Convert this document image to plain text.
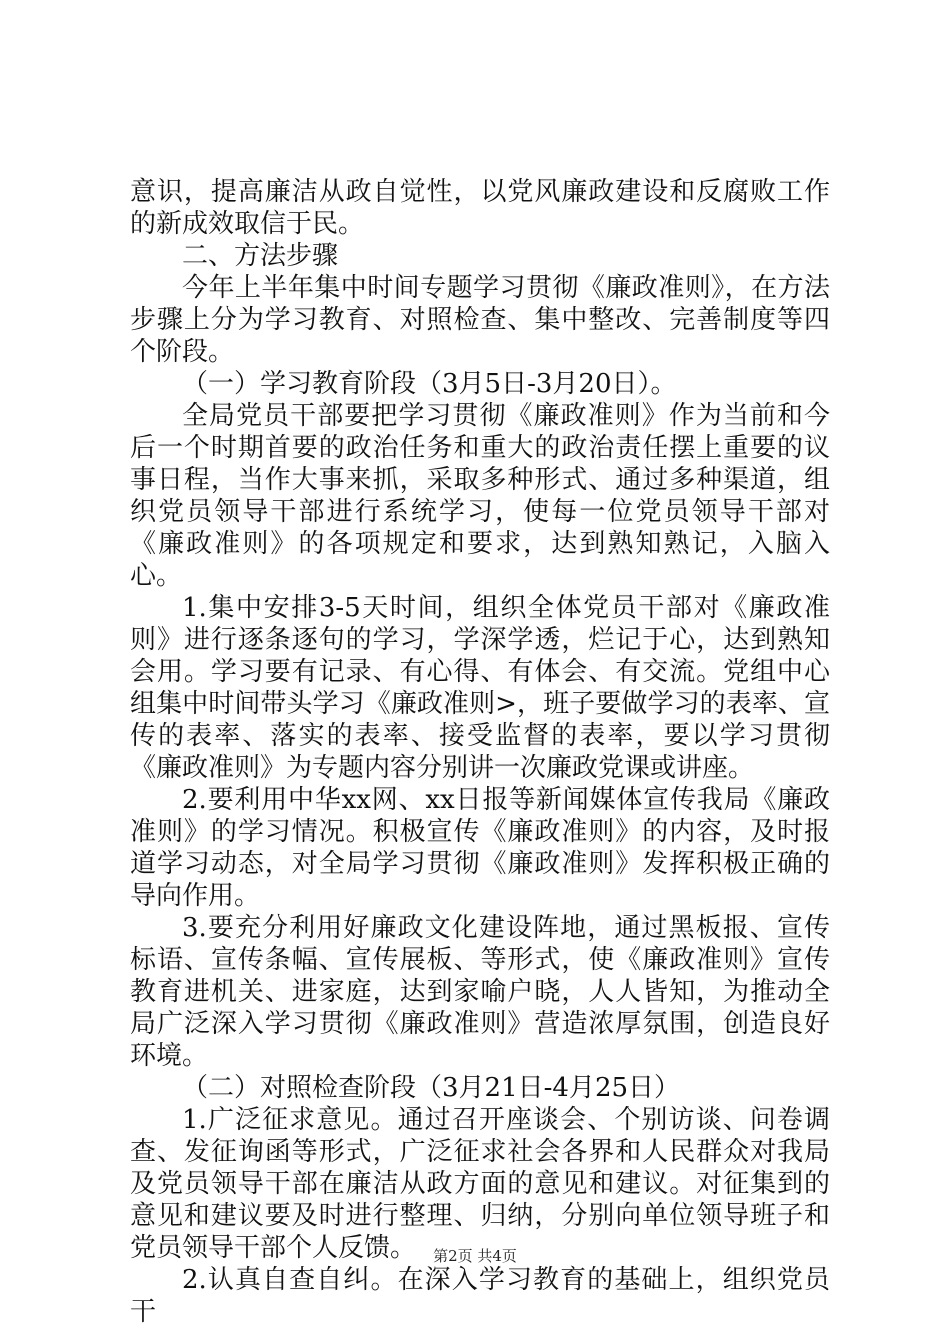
意识，提高廉洁从政自觉性，以党风廉政建设和反腐败工作的新成效取信于民。

二、方法步骤

今年上半年集中时间专题学习贯彻《廉政准则》，在方法步骤上分为学习教育、对照检查、集中整改、完善制度等四个阶段。

（一）学习教育阶段（3月5日-3月20日）。

全局党员干部要把学习贯彻《廉政准则》作为当前和今后一个时期首要的政治任务和重大的政治责任摆上重要的议事日程，当作大事来抓，采取多种形式、通过多种渠道，组织党员领导干部进行系统学习，使每一位党员领导干部对《廉政准则》的各项规定和要求，达到熟知熟记，入脑入心。

1.集中安排3-5天时间，组织全体党员干部对《廉政准则》进行逐条逐句的学习，学深学透，烂记于心，达到熟知会用。学习要有记录、有心得、有体会、有交流。党组中心组集中时间带头学习《廉政准则>，班子要做学习的表率、宣传的表率、落实的表率、接受监督的表率，要以学习贯彻《廉政准则》为专题内容分别讲一次廉政党课或讲座。

2.要利用中华xx网、xx日报等新闻媒体宣传我局《廉政准则》的学习情况。积极宣传《廉政准则》的内容，及时报道学习动态，对全局学习贯彻《廉政准则》发挥积极正确的导向作用。

3.要充分利用好廉政文化建设阵地，通过黑板报、宣传标语、宣传条幅、宣传展板、等形式，使《廉政准则》宣传教育进机关、进家庭，达到家喻户晓，人人皆知，为推动全局广泛深入学习贯彻《廉政准则》营造浓厚氛围，创造良好环境。

（二）对照检查阶段（3月21日-4月25日）

1.广泛征求意见。通过召开座谈会、个别访谈、问卷调查、发征询函等形式，广泛征求社会各界和人民群众对我局及党员领导干部在廉洁从政方面的意见和建议。对征集到的意见和建议要及时进行整理、归纳，分别向单位领导班子和党员领导干部个人反馈。

2.认真自查自纠。在深入学习教育的基础上，组织党员干

第2页 共4页
